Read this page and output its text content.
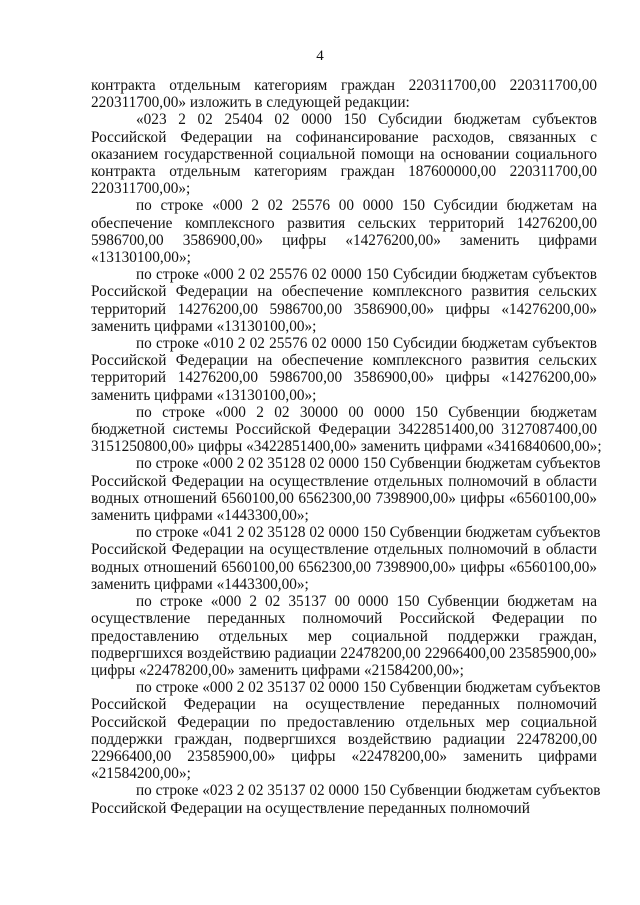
4
контракта отдельным категориям граждан 220311700,00 220311700,00
220311700,00» изложить в следующей редакции:
«023 2 02 25404 02 0000 150 Субсидии бюджетам субъектов
Российской Федерации на софинансирование расходов, связанных с
оказанием государственной социальной помощи на основании социального
контракта отдельным категориям граждан 187600000,00 220311700,00
220311700,00»;
по строке «000 2 02 25576 00 0000 150 Субсидии бюджетам на
обеспечение комплексного развития сельских территорий 14276200,00
5986700,00 3586900,00» цифры «14276200,00» заменить цифрами
«13130100,00»;
по строке «000 2 02 25576 02 0000 150 Субсидии бюджетам субъектов
Российской Федерации на обеспечение комплексного развития сельских
территорий 14276200,00 5986700,00 3586900,00» цифры «14276200,00»
заменить цифрами «13130100,00»;
по строке «010 2 02 25576 02 0000 150 Субсидии бюджетам субъектов
Российской Федерации на обеспечение комплексного развития сельских
территорий 14276200,00 5986700,00 3586900,00» цифры «14276200,00»
заменить цифрами «13130100,00»;
по строке «000 2 02 30000 00 0000 150 Субвенции бюджетам
бюджетной системы Российской Федерации 3422851400,00 3127087400,00
3151250800,00» цифры «3422851400,00» заменить цифрами «3416840600,00»;
по строке «000 2 02 35128 02 0000 150 Субвенции бюджетам субъектов
Российской Федерации на осуществление отдельных полномочий в области
водных отношений 6560100,00 6562300,00 7398900,00» цифры «6560100,00»
заменить цифрами «1443300,00»;
по строке «041 2 02 35128 02 0000 150 Субвенции бюджетам субъектов
Российской Федерации на осуществление отдельных полномочий в области
водных отношений 6560100,00 6562300,00 7398900,00» цифры «6560100,00»
заменить цифрами «1443300,00»;
по строке «000 2 02 35137 00 0000 150 Субвенции бюджетам на
осуществление переданных полномочий Российской Федерации по
предоставлению отдельных мер социальной поддержки граждан,
подвергшихся воздействию радиации 22478200,00 22966400,00 23585900,00»
цифры «22478200,00» заменить цифрами «21584200,00»;
по строке «000 2 02 35137 02 0000 150 Субвенции бюджетам субъектов
Российской Федерации на осуществление переданных полномочий
Российской Федерации по предоставлению отдельных мер социальной
поддержки граждан, подвергшихся воздействию радиации 22478200,00
22966400,00 23585900,00» цифры «22478200,00» заменить цифрами
«21584200,00»;
по строке «023 2 02 35137 02 0000 150 Субвенции бюджетам субъектов
Российской Федерации на осуществление переданных полномочий
